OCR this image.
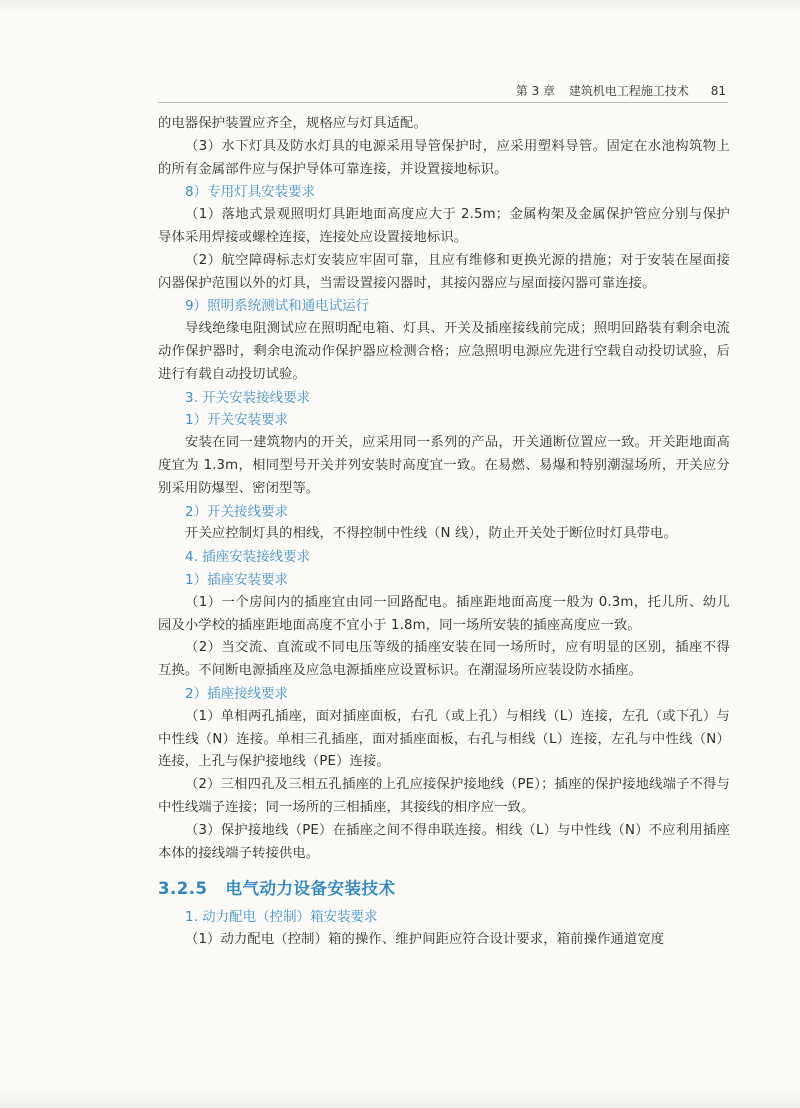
第 3 章 建筑机电工程施工技术 81

的电器保护装置应齐全，规格应与灯具适配。

（3）水下灯具及防水灯具的电源采用导管保护时，应采用塑料导管。固定在水池构筑物上的所有金属部件应与保护导体可靠连接，并设置接地标识。

8）专用灯具安装要求

（1）落地式景观照明灯具距地面高度应大于 2.5m；金属构架及金属保护管应分别与保护导体采用焊接或螺栓连接，连接处应设置接地标识。

（2）航空障碍标志灯安装应牢固可靠，且应有维修和更换光源的措施；对于安装在屋面接闪器保护范围以外的灯具，当需设置接闪器时，其接闪器应与屋面接闪器可靠连接。

9）照明系统测试和通电试运行

导线绝缘电阻测试应在照明配电箱、灯具、开关及插座接线前完成；照明回路装有剩余电流动作保护器时，剩余电流动作保护器应检测合格；应急照明电源应先进行空载自动投切试验，后进行有载自动投切试验。

3. 开关安装接线要求

1）开关安装要求

安装在同一建筑物内的开关，应采用同一系列的产品，开关通断位置应一致。开关距地面高度宜为 1.3m，相同型号开关并列安装时高度宜一致。在易燃、易爆和特别潮湿场所，开关应分别采用防爆型、密闭型等。

2）开关接线要求

开关应控制灯具的相线，不得控制中性线（N 线），防止开关处于断位时灯具带电。

4. 插座安装接线要求

1）插座安装要求

（1）一个房间内的插座宜由同一回路配电。插座距地面高度一般为 0.3m，托儿所、幼儿园及小学校的插座距地面高度不宜小于 1.8m，同一场所安装的插座高度应一致。

（2）当交流、直流或不同电压等级的插座安装在同一场所时，应有明显的区别，插座不得互换。不间断电源插座及应急电源插座应设置标识。在潮湿场所应装设防水插座。

2）插座接线要求

（1）单相两孔插座，面对插座面板，右孔（或上孔）与相线（L）连接，左孔（或下孔）与中性线（N）连接。单相三孔插座，面对插座面板，右孔与相线（L）连接，左孔与中性线（N）连接，上孔与保护接地线（PE）连接。

（2）三相四孔及三相五孔插座的上孔应接保护接地线（PE）；插座的保护接地线端子不得与中性线端子连接；同一场所的三相插座，其接线的相序应一致。

（3）保护接地线（PE）在插座之间不得串联连接。相线（L）与中性线（N）不应利用插座本体的接线端子转接供电。

3.2.5 电气动力设备安装技术

1. 动力配电（控制）箱安装要求

（1）动力配电（控制）箱的操作、维护间距应符合设计要求，箱前操作通道宽度
